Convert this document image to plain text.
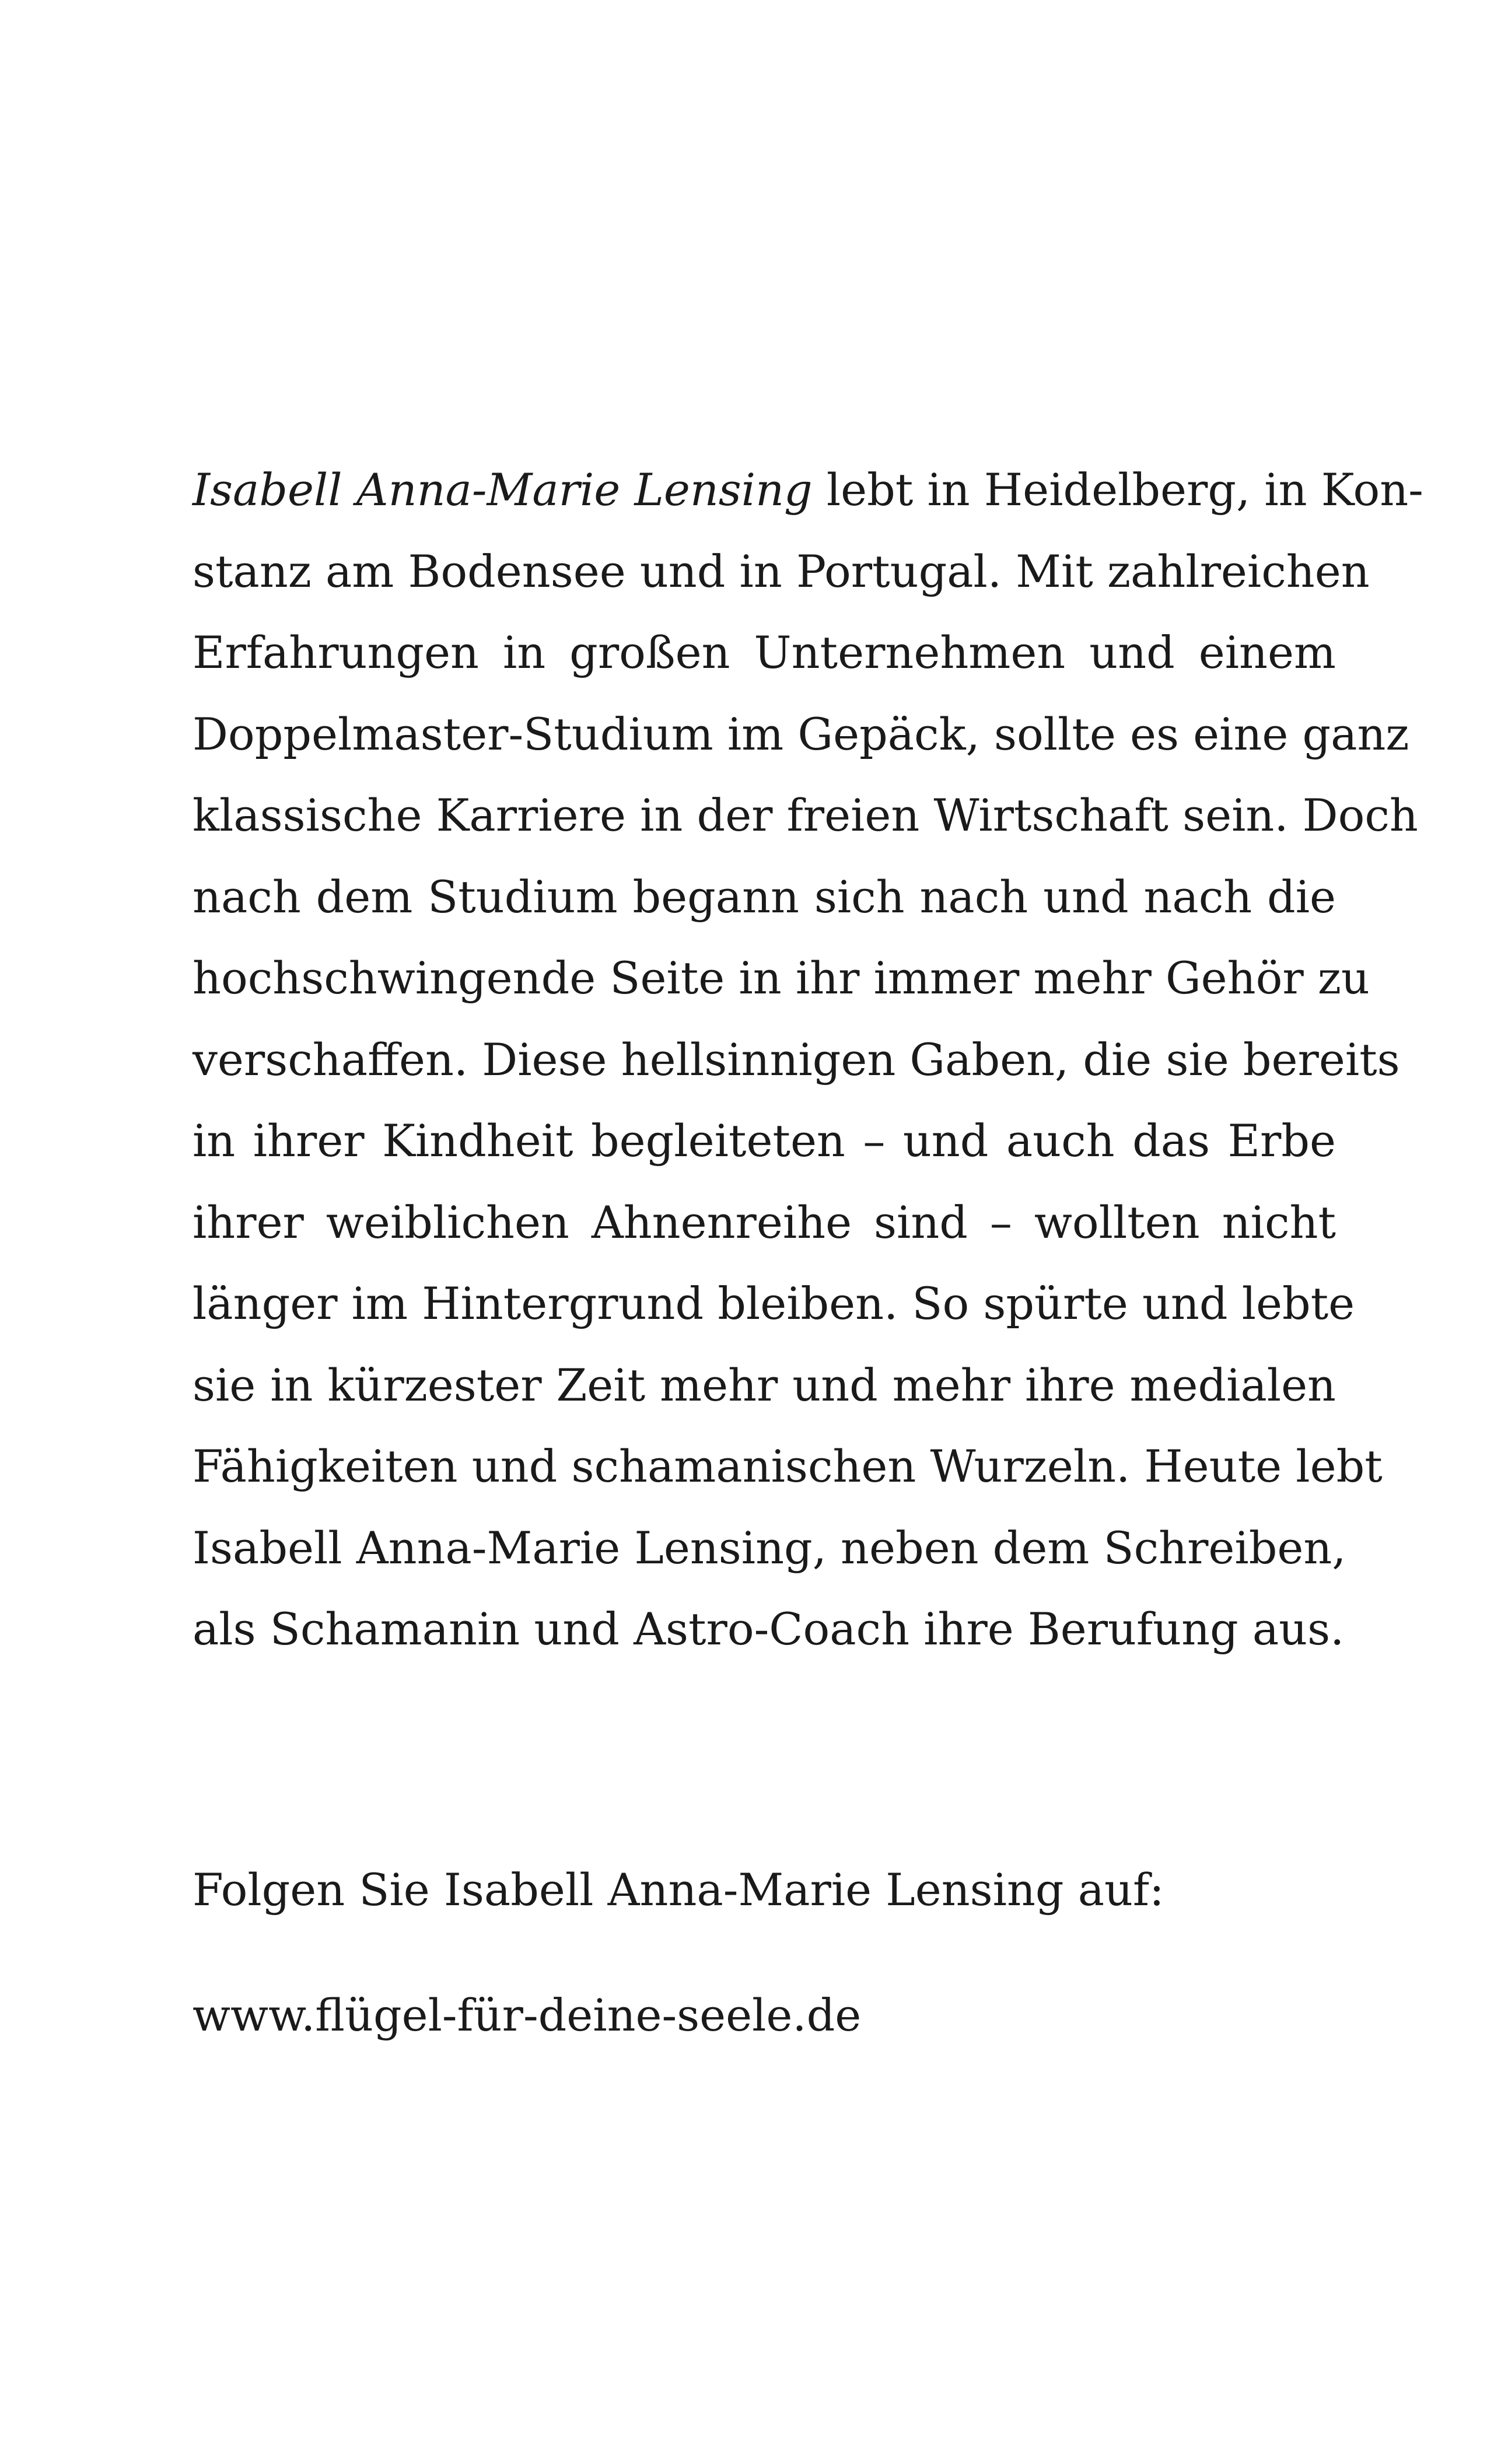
Isabell Anna-Marie Lensing lebt in Heidelberg, in Kon-
stanz am Bodensee und in Portugal. Mit zahlreichen
Erfahrungen in großen Unternehmen und einem
Doppelmaster-Studium im Gepäck, sollte es eine ganz
klassische Karriere in der freien Wirtschaft sein. Doch
nach dem Studium begann sich nach und nach die
hochschwingende Seite in ihr immer mehr Gehör zu
verschaffen. Diese hellsinnigen Gaben, die sie bereits
in ihrer Kindheit begleiteten – und auch das Erbe
ihrer weiblichen Ahnenreihe sind – wollten nicht
länger im Hintergrund bleiben. So spürte und lebte
sie in kürzester Zeit mehr und mehr ihre medialen
Fähigkeiten und schamanischen Wurzeln. Heute lebt
Isabell Anna-Marie Lensing, neben dem Schreiben,
als Schamanin und Astro-Coach ihre Berufung aus.
Folgen Sie Isabell Anna-Marie Lensing auf:
www.flügel-für-deine-seele.de
